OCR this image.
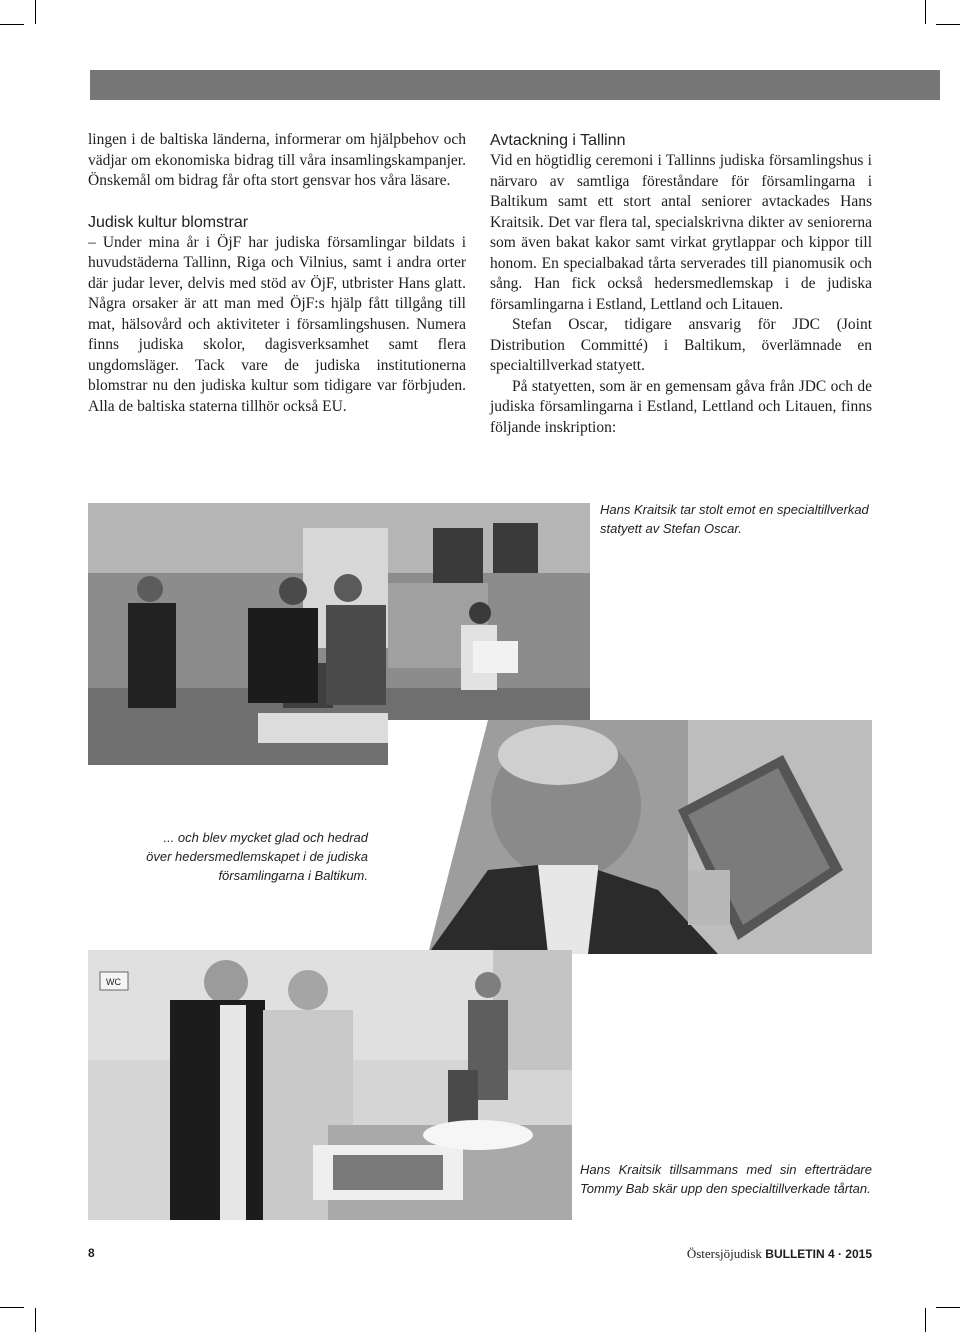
lingen i de baltiska länderna, informerar om hjälpbehov och vädjar om ekonomiska bidrag till våra insamlingskampanjer. Önskemål om bidrag får ofta stort gensvar hos våra läsare.

Judisk kultur blomstrar

– Under mina år i ÖjF har judiska församlingar bildats i huvudstäderna Tallinn, Riga och Vilnius, samt i andra orter där judar lever, delvis med stöd av ÖjF, utbrister Hans glatt. Några orsaker är att man med ÖjF:s hjälp fått tillgång till mat, hälsovård och aktiviteter i församlingshusen. Numera finns judiska skolor, dagisverksamhet samt flera ungdomsläger. Tack vare de judiska institutionerna blomstrar nu den judiska kultur som tidigare var förbjuden. Alla de baltiska staterna tillhör också EU.

Avtackning i Tallinn

Vid en högtidlig ceremoni i Tallinns judiska församlingshus i närvaro av samtliga föreståndare för församlingarna i Baltikum samt ett stort antal seniorer avtackades Hans Kraitsik. Det var flera tal, specialskrivna dikter av seniorerna som även bakat kakor samt virkat grytlappar och kippor till honom. En specialbakad tårta serverades till pianomusik och sång. Han fick också hedersmedlemskap i de judiska församlingarna i Estland, Lettland och Litauen.

Stefan Oscar, tidigare ansvarig för JDC (Joint Distribution Committé) i Baltikum, överlämnade en specialtillverkad statyett.

På statyetten, som är en gemensam gåva från JDC och de judiska församlingarna i Estland, Lettland och Litauen, finns följande inskription:

Hans Kraitsik tar stolt emot en specialtillverkad statyett av Stefan Oscar.
... och blev mycket glad och hedrad
över hedersmedlemskapet i de judiska
församlingarna i Baltikum.
WC
Hans Kraitsik tillsammans med sin efterträdare Tommy Bab skär upp den specialtillverkade tårtan.
8	Östersjöjudisk BULLETIN 4 · 2015
